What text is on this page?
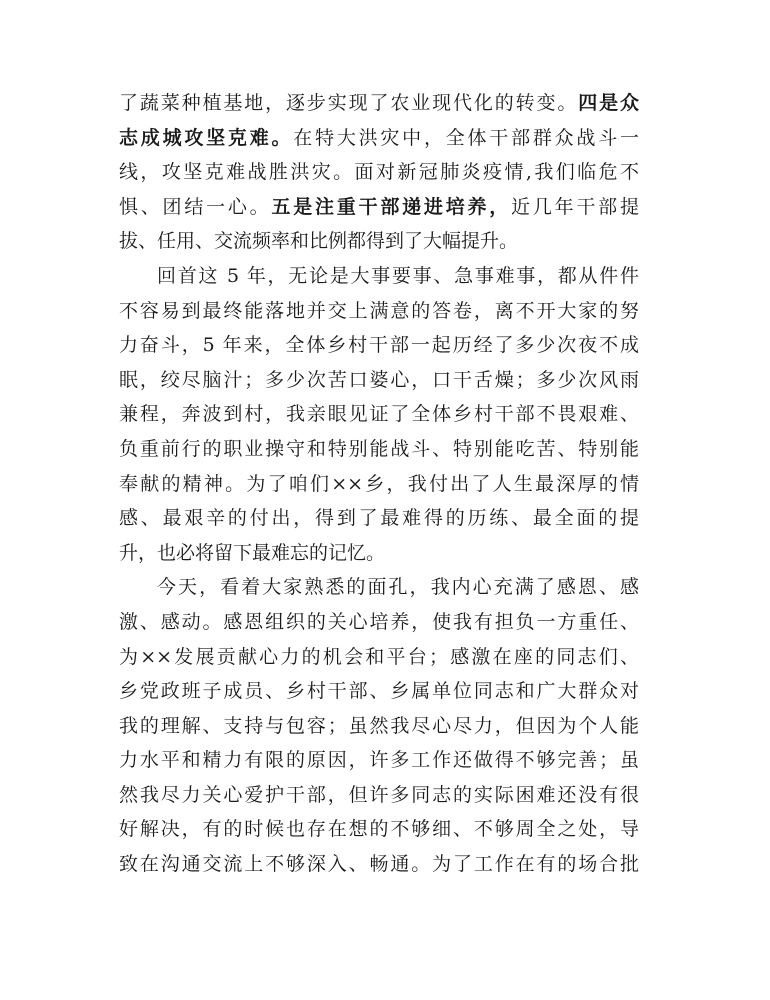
了蔬菜种植基地，逐步实现了农业现代化的转变。四是众
志成城攻坚克难。在特大洪灾中，全体干部群众战斗一
线，攻坚克难战胜洪灾。面对新冠肺炎疫情,我们临危不
惧、团结一心。五是注重干部递进培养，近几年干部提
拔、任用、交流频率和比例都得到了大幅提升。
回首这 5 年，无论是大事要事、急事难事，都从件件
不容易到最终能落地并交上满意的答卷，离不开大家的努
力奋斗，5 年来，全体乡村干部一起历经了多少次夜不成
眠，绞尽脑汁；多少次苦口婆心，口干舌燥；多少次风雨
兼程，奔波到村，我亲眼见证了全体乡村干部不畏艰难、
负重前行的职业操守和特别能战斗、特别能吃苦、特别能
奉献的精神。为了咱们××乡，我付出了人生最深厚的情
感、最艰辛的付出，得到了最难得的历练、最全面的提
升，也必将留下最难忘的记忆。
今天，看着大家熟悉的面孔，我内心充满了感恩、感
激、感动。感恩组织的关心培养，使我有担负一方重任、
为××发展贡献心力的机会和平台；感激在座的同志们、
乡党政班子成员、乡村干部、乡属单位同志和广大群众对
我的理解、支持与包容；虽然我尽心尽力，但因为个人能
力水平和精力有限的原因，许多工作还做得不够完善；虽
然我尽力关心爱护干部，但许多同志的实际困难还没有很
好解决，有的时候也存在想的不够细、不够周全之处，导
致在沟通交流上不够深入、畅通。为了工作在有的场合批
